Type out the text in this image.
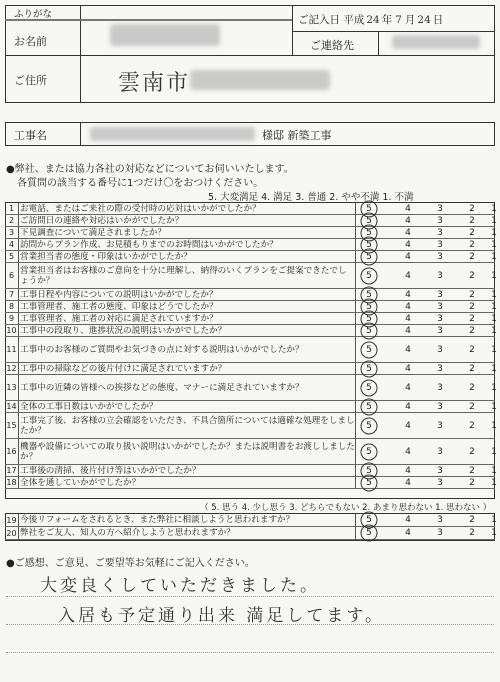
ふりがな
お名前
ご記入日 平成 24 年 7 月 24 日
ご連絡先
ご住所	雲南市
工事名	様邸 新築工事
●弊社、または協力各社の対応などについてお伺いいたします。
各質問の該当する番号に1つだけ〇をおつけください。
5. 大変満足 4. 満足 3. 普通 2. やや不満 1. 不満
1 お電話、またはご来社の際の受付時の応対はいかがでしたか？	5	4	3	2	1
2 ご訪問日の連絡や対応はいかがでしたか？	5	4	3	2	1
3 下見調査について満足されましたか？	5	4	3	2	1
4 訪問からプラン作成、お見積もりまでのお時間はいかがでしたか？	5	4	3	2	1
5 営業担当者の態度・印象はいかがでしたか？	5	4	3	2	1
6 営業担当者はお客様のご意向を十分に理解し、納得のいくプランをご提案できたでしょうか？	5	4	3	2	1
7 工事日程や内容についての説明はいかがでしたか？	5	4	3	2	1
8 工事管理者、施工者の態度、印象はどうでしたか？	5	4	3	2	1
9 工事管理者、施工者の対応に満足されていますか？	5	4	3	2	1
10 工事中の段取り、進捗状況の説明はいかがでしたか？	5	4	3	2	1
11 工事中のお客様のご質問やお気づきの点に対する説明はいかがでしたか？	5	4	3	2	1
12 工事中の掃除などの後片付けに満足されていますか？	5	4	3	2	1
13 工事中の近隣の皆様への挨拶などの態度、マナーに満足されていますか？	5	4	3	2	1
14 全体の工事日数はいかがでしたか？	5	4	3	2	1
15 工事完了後、お客様の立会確認をいただき、不具合箇所については適確な処理をしましたか？	5	4	3	2	1
16 機器や設備についての取り扱い説明はいかがでしたか？または説明書をお渡ししましたか？	5	4	3	2	1
17 工事後の清掃、後片付け等はいかがでしたか？	5	4	3	2	1
18 全体を通していかがでしたか？	5	4	3	2	1
（ 5. 思う 4. 少し思う 3. どちらでもない 2. あまり思わない 1. 思わない ）
19 今後リフォームをされるとき、また弊社に相談しようと思われますか？	5	4	3	2	1
20 弊社をご友人、知人の方へ紹介しようと思われますか？	5	4	3	2	1
●ご感想、ご意見、ご要望等お気軽にご記入ください。
大変良くしていただきました。
入居も予定通り出来 満足してます。
